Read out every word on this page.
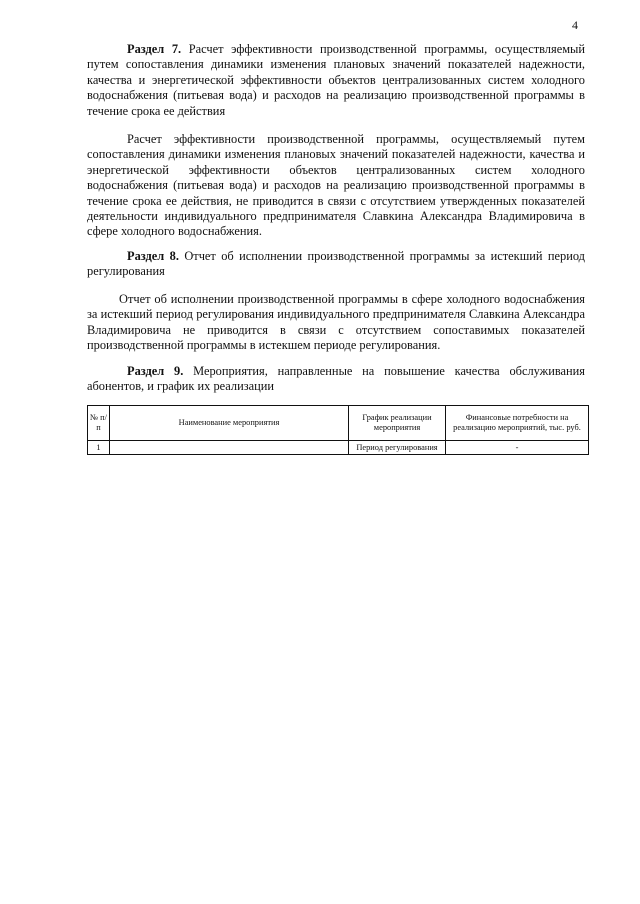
4

Раздел 7. Расчет эффективности производственной программы, осуществляемый путем сопоставления динамики изменения плановых значений показателей надежности, качества и энергетической эффективности объектов централизованных систем холодного водоснабжения (питьевая вода) и расходов на реализацию производственной программы в течение срока ее действия

Расчет эффективности производственной программы, осуществляемый путем сопоставления динамики изменения плановых значений показателей надежности, качества и энергетической эффективности объектов централизованных систем холодного водоснабжения (питьевая вода) и расходов на реализацию производственной программы в течение срока ее действия, не приводится в связи с отсутствием утвержденных показателей деятельности индивидуального предпринимателя Славкина Александра Владимировича в сфере холодного водоснабжения.

Раздел 8. Отчет об исполнении производственной программы за истекший период регулирования

Отчет об исполнении производственной программы в сфере холодного водоснабжения за истекший период регулирования индивидуального предпринимателя Славкина Александра Владимировича не приводится в связи с отсутствием сопоставимых показателей производственной программы в истекшем периоде регулирования.

Раздел 9. Мероприятия, направленные на повышение качества обслуживания абонентов, и график их реализации

№ п/п	Наименование мероприятия	График реализации мероприятия	Финансовые потребности на реализацию мероприятий, тыс. руб.
1		Период регулирования	-
